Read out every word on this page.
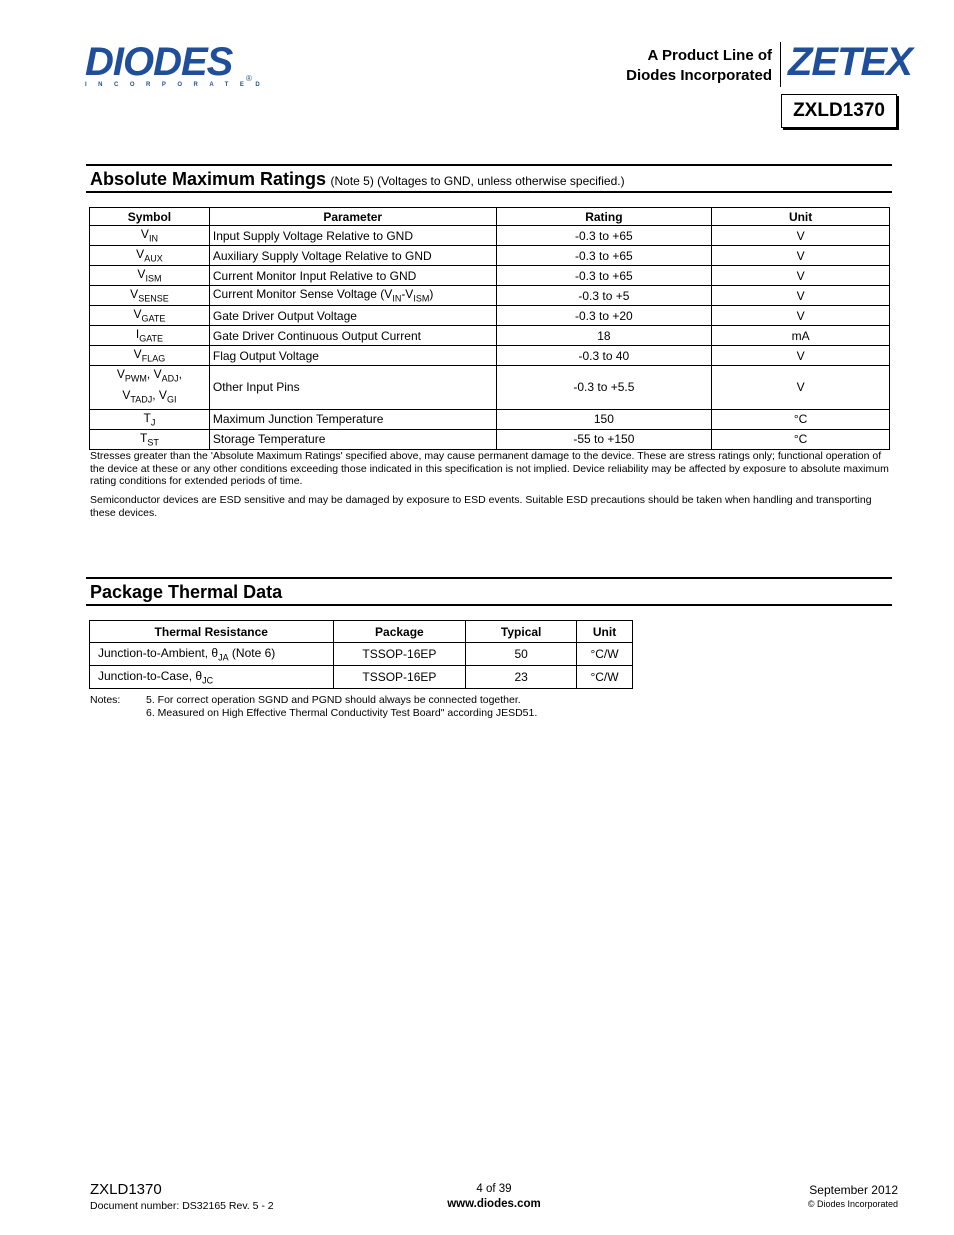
DIODES
INCORPORATED
®
A Product Line of
Diodes Incorporated ZETEX
ZXLD1370
Absolute Maximum Ratings (Note 5) (Voltages to GND, unless otherwise specified.)
Symbol	Parameter	Rating	Unit
$V_{IN}$	Input Supply Voltage Relative to GND	-0.3 to +65	V
$V_{AUX}$	Auxiliary Supply Voltage Relative to GND	-0.3 to +65	V
$V_{ISM}$	Current Monitor Input Relative to GND	-0.3 to +65	V
$V_{SENSE}$	Current Monitor Sense Voltage $(V_{IN}-V_{ISM})$	-0.3 to +5	V
$V_{GATE}$	Gate Driver Output Voltage	-0.3 to +20	V
$I_{GATE}$	Gate Driver Continuous Output Current	18	mA
$V_{FLAG}$	Flag Output Voltage	-0.3 to 40	V
$V_{PWM}$, $V_{ADJ}$,
$V_{TADJ}$, $V_{GI}$	Other Input Pins	-0.3 to +5.5	V
$T_J$	Maximum Junction Temperature	150	°C
$T_{ST}$	Storage Temperature	-55 to +150	°C
Stresses greater than the 'Absolute Maximum Ratings' specified above, may cause permanent damage to the device. These are stress ratings only; functional operation of the device at these or any other conditions exceeding those indicated in this specification is not implied. Device reliability may be affected by exposure to absolute maximum rating conditions for extended periods of time.
Semiconductor devices are ESD sensitive and may be damaged by exposure to ESD events. Suitable ESD precautions should be taken when handling and transporting these devices.
Package Thermal Data
Thermal Resistance	Package	Typical	Unit
Junction-to-Ambient, $\theta_{JA}$ (Note 6)	TSSOP-16EP	50	°C/W
Junction-to-Case, $\theta_{JC}$	TSSOP-16EP	23	°C/W
Notes: 5. For correct operation SGND and PGND should always be connected together.
6. Measured on High Effective Thermal Conductivity Test Board" according JESD51.
ZXLD1370
Document number: DS32165 Rev. 5 - 2
4 of 39
www.diodes.com
September 2012
© Diodes Incorporated
